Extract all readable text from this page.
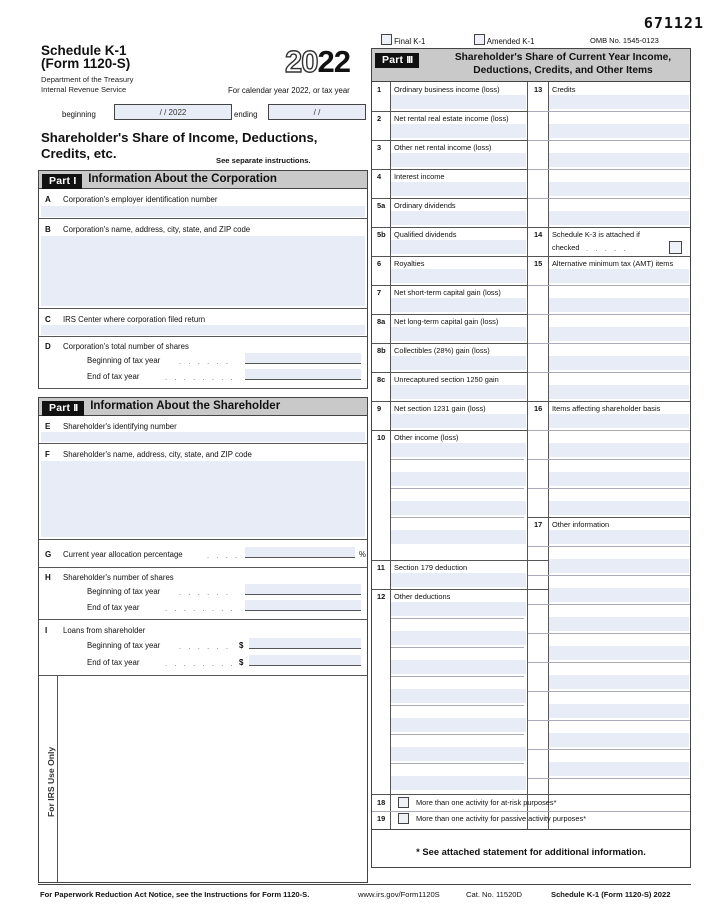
671121
Final K-1	Amended K-1	OMB No. 1545-0123
Schedule K-1
(Form 1120-S)
Department of the Treasury
Internal Revenue Service
2022
For calendar year 2022, or tax year
beginning	/ / 2022	ending	/ /
Shareholder's Share of Income, Deductions,
Credits, etc.	See separate instructions.
Part I Information About the Corporation
A Corporation's employer identification number
B Corporation's name, address, city, state, and ZIP code
C IRS Center where corporation filed return
D Corporation's total number of shares
Beginning of tax year . . . . . .
End of tax year	. . . . . . . .
Part II Information About the Shareholder
E Shareholder's identifying number
F Shareholder's name, address, city, state, and ZIP code
G Current year allocation percentage	. . . .	%
H Shareholder's number of shares
Beginning of tax year . . . . . .
End of tax year	. . . . . . . .
I Loans from shareholder
Beginning of tax year . . . . . . $
End of tax year	. . . . . . . . $
For IRS Use Only
Part III	Shareholder's Share of Current Year Income,
Deductions, Credits, and Other Items
1 Ordinary business income (loss)
2 Net rental real estate income (loss)
3 Other net rental income (loss)
4 Interest income
5a Ordinary dividends
5b Qualified dividends
6 Royalties
7 Net short-term capital gain (loss)
8a Net long-term capital gain (loss)
8b Collectibles (28%) gain (loss)
8c Unrecaptured section 1250 gain
9 Net section 1231 gain (loss)
10 Other income (loss)
11 Section 179 deduction
12 Other deductions
13 Credits
14 Schedule K-3 is attached if
checked . . . . .
15 Alternative minimum tax (AMT) items
16 Items affecting shareholder basis
17 Other information
18	More than one activity for at-risk purposes*
19	More than one activity for passive activity purposes*
* See attached statement for additional information.
For Paperwork Reduction Act Notice, see the Instructions for Form 1120-S.	www.irs.gov/Form1120S	Cat. No. 11520D	Schedule K-1 (Form 1120-S) 2022
